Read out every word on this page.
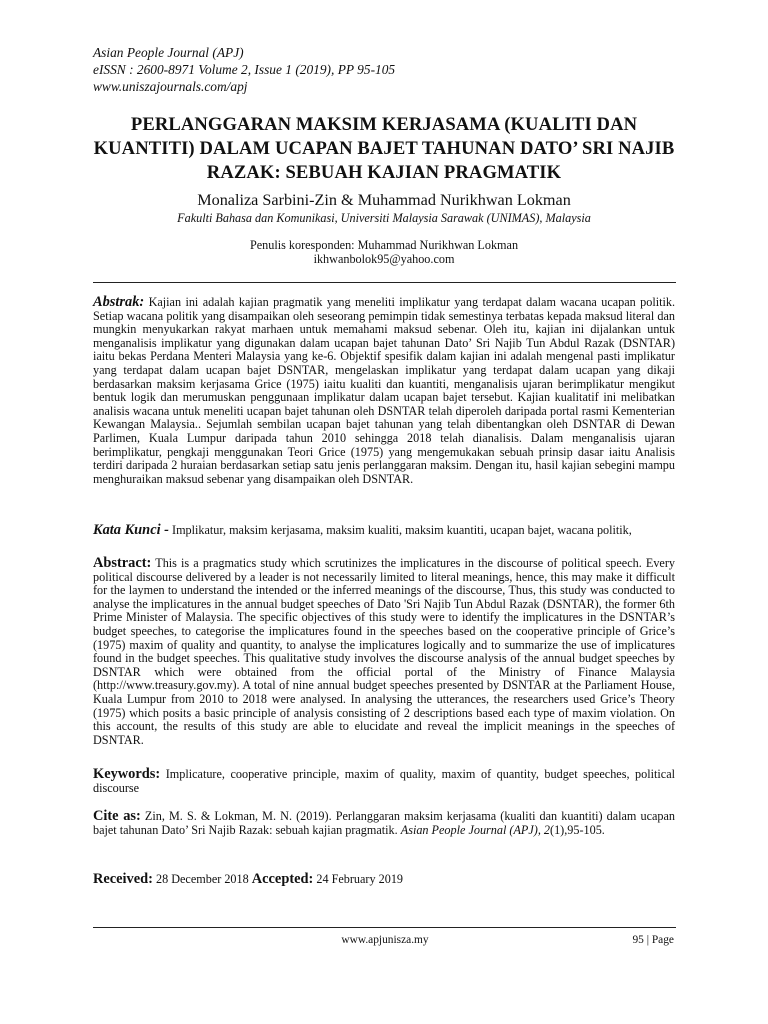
Asian People Journal (APJ)
eISSN : 2600-8971 Volume 2, Issue 1 (2019), PP 95-105
www.uniszajournals.com/apj
PERLANGGARAN MAKSIM KERJASAMA (KUALITI DAN KUANTITI) DALAM UCAPAN BAJET TAHUNAN DATO’ SRI NAJIB RAZAK: SEBUAH KAJIAN PRAGMATIK
Monaliza Sarbini-Zin & Muhammad Nurikhwan Lokman
Fakulti Bahasa dan Komunikasi, Universiti Malaysia Sarawak (UNIMAS), Malaysia
Penulis koresponden: Muhammad Nurikhwan Lokman
ikhwanbolok95@yahoo.com
Abstrak: Kajian ini adalah kajian pragmatik yang meneliti implikatur yang terdapat dalam wacana ucapan politik. Setiap wacana politik yang disampaikan oleh seseorang pemimpin tidak semestinya terbatas kepada maksud literal dan mungkin menyukarkan rakyat marhaen untuk memahami maksud sebenar. Oleh itu, kajian ini dijalankan untuk menganalisis implikatur yang digunakan dalam ucapan bajet tahunan Dato’ Sri Najib Tun Abdul Razak (DSNTAR) iaitu bekas Perdana Menteri Malaysia yang ke-6. Objektif spesifik dalam kajian ini adalah mengenal pasti implikatur yang terdapat dalam ucapan bajet DSNTAR, mengelaskan implikatur yang terdapat dalam ucapan yang dikaji berdasarkan maksim kerjasama Grice (1975) iaitu kualiti dan kuantiti, menganalisis ujaran berimplikatur mengikut bentuk logik dan merumuskan penggunaan implikatur dalam ucapan bajet tersebut. Kajian kualitatif ini melibatkan analisis wacana untuk meneliti ucapan bajet tahunan oleh DSNTAR telah diperoleh daripada portal rasmi Kementerian Kewangan Malaysia.. Sejumlah sembilan ucapan bajet tahunan yang telah dibentangkan oleh DSNTAR di Dewan Parlimen, Kuala Lumpur daripada tahun 2010 sehingga 2018 telah dianalisis. Dalam menganalisis ujaran berimplikatur, pengkaji menggunakan Teori Grice (1975) yang mengemukakan sebuah prinsip dasar iaitu Analisis terdiri daripada 2 huraian berdasarkan setiap satu jenis perlanggaran maksim. Dengan itu, hasil kajian sebegini mampu menghuraikan maksud sebenar yang disampaikan oleh DSNTAR.
Kata Kunci - Implikatur, maksim kerjasama, maksim kualiti, maksim kuantiti, ucapan bajet, wacana politik,
Abstract: This is a pragmatics study which scrutinizes the implicatures in the discourse of political speech. Every political discourse delivered by a leader is not necessarily limited to literal meanings, hence, this may make it difficult for the laymen to understand the intended or the inferred meanings of the discourse, Thus, this study was conducted to analyse the implicatures in the annual budget speeches of Dato 'Sri Najib Tun Abdul Razak (DSNTAR), the former 6th Prime Minister of Malaysia. The specific objectives of this study were to identify the implicatures in the DSNTAR’s budget speeches, to categorise the implicatures found in the speeches based on the cooperative principle of Grice’s (1975) maxim of quality and quantity, to analyse the implicatures logically and to summarize the use of implicatures found in the budget speeches. This qualitative study involves the discourse analysis of the annual budget speeches by DSNTAR which were obtained from the official portal of the Ministry of Finance Malaysia (http://www.treasury.gov.my). A total of nine annual budget speeches presented by DSNTAR at the Parliament House, Kuala Lumpur from 2010 to 2018 were analysed. In analysing the utterances, the researchers used Grice’s Theory (1975) which posits a basic principle of analysis consisting of 2 descriptions based each type of maxim violation. On this account, the results of this study are able to elucidate and reveal the implicit meanings in the speeches of DSNTAR.
Keywords: Implicature, cooperative principle, maxim of quality, maxim of quantity, budget speeches, political discourse
Cite as: Zin, M. S. & Lokman, M. N. (2019). Perlanggaran maksim kerjasama (kualiti dan kuantiti) dalam ucapan bajet tahunan Dato’ Sri Najib Razak: sebuah kajian pragmatik. Asian People Journal (APJ), 2(1),95-105.
Received: 28 December 2018 Accepted: 24 February 2019
www.apjunisza.my	95 | Page
